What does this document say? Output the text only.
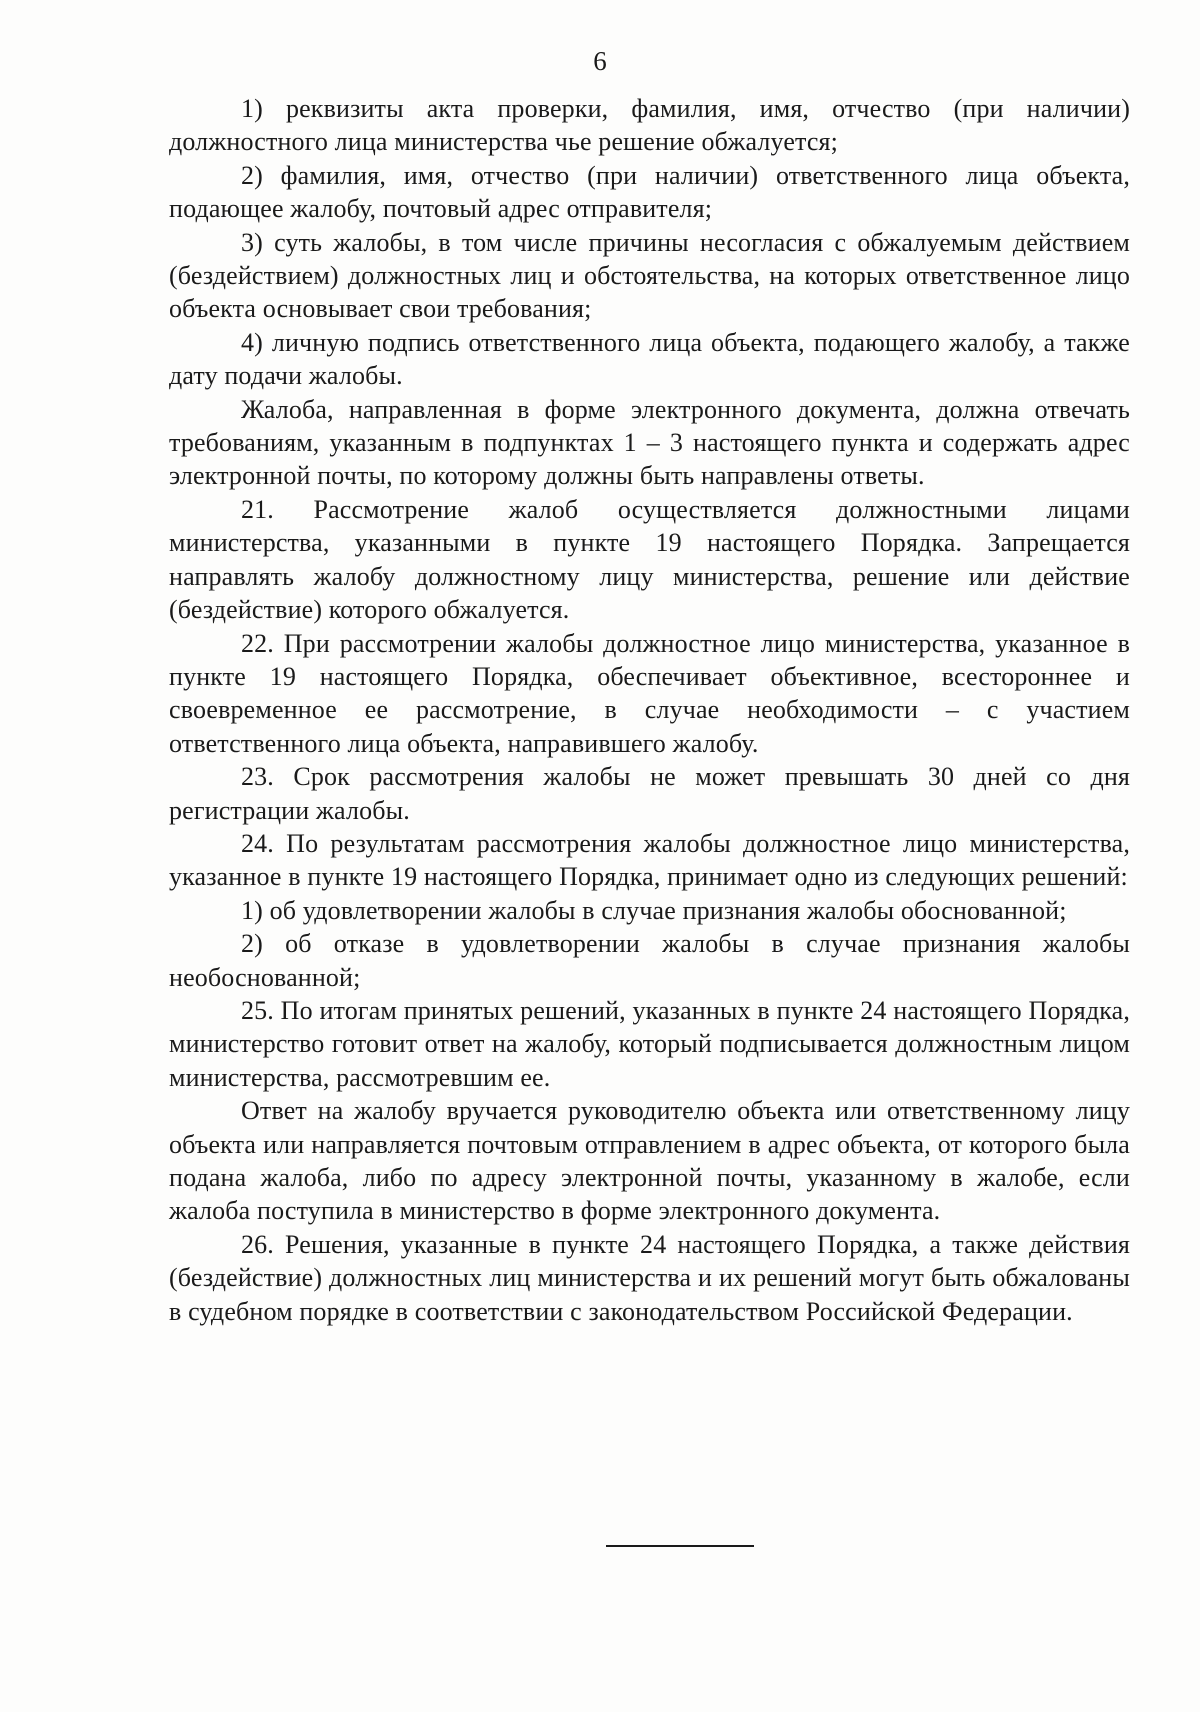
6

1) реквизиты акта проверки, фамилия, имя, отчество (при наличии) должностного лица министерства чье решение обжалуется;

2) фамилия, имя, отчество (при наличии) ответственного лица объекта, подающее жалобу, почтовый адрес отправителя;

3) суть жалобы, в том числе причины несогласия с обжалуемым действием (бездействием) должностных лиц и обстоятельства, на которых ответственное лицо объекта основывает свои требования;

4) личную подпись ответственного лица объекта, подающего жалобу, а также дату подачи жалобы.

Жалоба, направленная в форме электронного документа, должна отвечать требованиям, указанным в подпунктах 1 – 3 настоящего пункта и содержать адрес электронной почты, по которому должны быть направлены ответы.

21. Рассмотрение жалоб осуществляется должностными лицами министерства, указанными в пункте 19 настоящего Порядка. Запрещается направлять жалобу должностному лицу министерства, решение или действие (бездействие) которого обжалуется.

22. При рассмотрении жалобы должностное лицо министерства, указанное в пункте 19 настоящего Порядка, обеспечивает объективное, всестороннее и своевременное ее рассмотрение, в случае необходимости – с участием ответственного лица объекта, направившего жалобу.

23. Срок рассмотрения жалобы не может превышать 30 дней со дня регистрации жалобы.

24. По результатам рассмотрения жалобы должностное лицо министерства, указанное в пункте 19 настоящего Порядка, принимает одно из следующих решений:

1) об удовлетворении жалобы в случае признания жалобы обоснованной;

2) об отказе в удовлетворении жалобы в случае признания жалобы необоснованной;

25. По итогам принятых решений, указанных в пункте 24 настоящего Порядка, министерство готовит ответ на жалобу, который подписывается должностным лицом министерства, рассмотревшим ее.

Ответ на жалобу вручается руководителю объекта или ответственному лицу объекта или направляется почтовым отправлением в адрес объекта, от которого была подана жалоба, либо по адресу электронной почты, указанному в жалобе, если жалоба поступила в министерство в форме электронного документа.

26. Решения, указанные в пункте 24 настоящего Порядка, а также действия (бездействие) должностных лиц министерства и их решений могут быть обжалованы в судебном порядке в соответствии с законодательством Российской Федерации.
